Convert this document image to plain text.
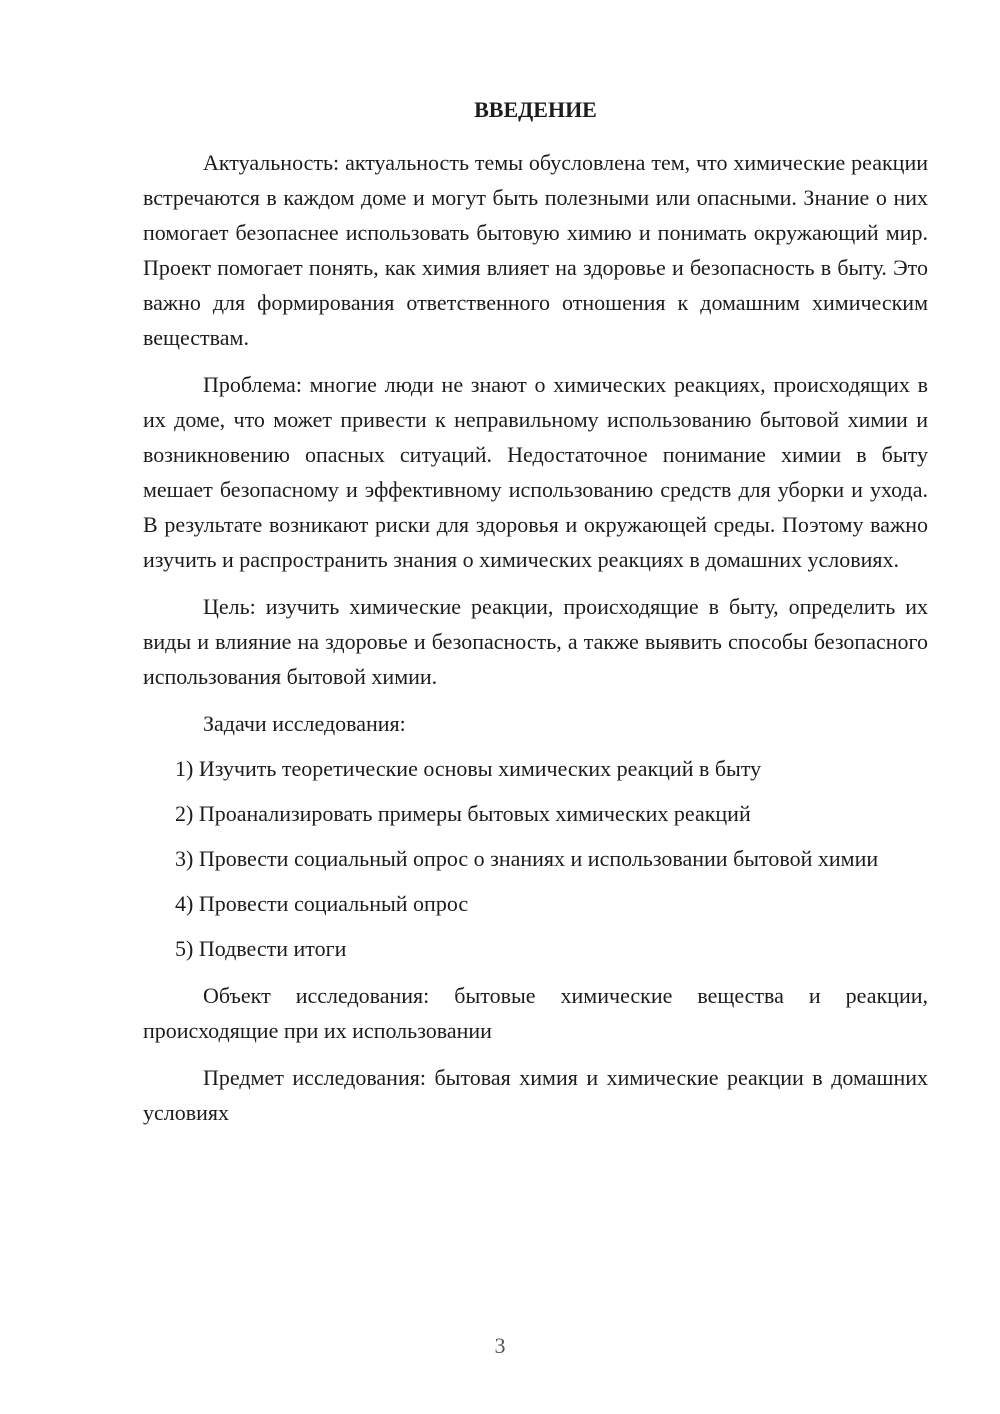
ВВЕДЕНИЕ

Актуальность: актуальность темы обусловлена тем, что химические реакции встречаются в каждом доме и могут быть полезными или опасными. Знание о них помогает безопаснее использовать бытовую химию и понимать окружающий мир. Проект помогает понять, как химия влияет на здоровье и безопасность в быту. Это важно для формирования ответственного отношения к домашним химическим веществам.

Проблема: многие люди не знают о химических реакциях, происходящих в их доме, что может привести к неправильному использованию бытовой химии и возникновению опасных ситуаций. Недостаточное понимание химии в быту мешает безопасному и эффективному использованию средств для уборки и ухода. В результате возникают риски для здоровья и окружающей среды. Поэтому важно изучить и распространить знания о химических реакциях в домашних условиях.

Цель: изучить химические реакции, происходящие в быту, определить их виды и влияние на здоровье и безопасность, а также выявить способы безопасного использования бытовой химии.

Задачи исследования:

1) Изучить теоретические основы химических реакций в быту

2) Проанализировать примеры бытовых химических реакций

3) Провести социальный опрос о знаниях и использовании бытовой химии

4) Провести социальный опрос

5) Подвести итоги

Объект исследования: бытовые химические вещества и реакции, происходящие при их использовании

Предмет исследования: бытовая химия и химические реакции в домашних условиях

3
